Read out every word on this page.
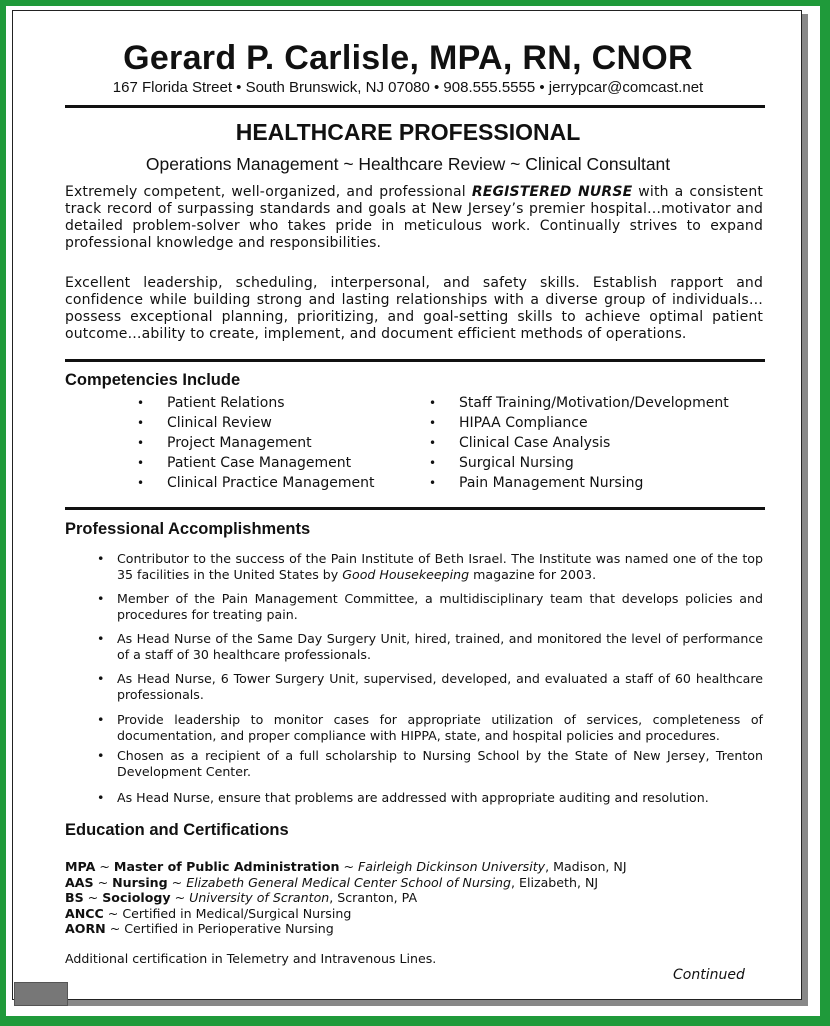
Gerard P. Carlisle, MPA, RN, CNOR
167 Florida Street • South Brunswick, NJ 07080 • 908.555.5555 • jerrypcar@comcast.net
HEALTHCARE PROFESSIONAL
Operations Management ~ Healthcare Review ~ Clinical Consultant
Extremely competent, well-organized, and professional REGISTERED NURSE with a consistent track record of surpassing standards and goals at New Jersey’s premier hospital…motivator and detailed problem-solver who takes pride in meticulous work. Continually strives to expand professional knowledge and responsibilities.
Excellent leadership, scheduling, interpersonal, and safety skills. Establish rapport and confidence while building strong and lasting relationships with a diverse group of individuals…possess exceptional planning, prioritizing, and goal-setting skills to achieve optimal patient outcome…ability to create, implement, and document efficient methods of operations.
Competencies Include
• Patient Relations
• Clinical Review
• Project Management
• Patient Case Management
• Clinical Practice Management
• Staff Training/Motivation/Development
• HIPAA Compliance
• Clinical Case Analysis
• Surgical Nursing
• Pain Management Nursing
Professional Accomplishments
• Contributor to the success of the Pain Institute of Beth Israel. The Institute was named one of the top 35 facilities in the United States by Good Housekeeping magazine for 2003.
• Member of the Pain Management Committee, a multidisciplinary team that develops policies and procedures for treating pain.
• As Head Nurse of the Same Day Surgery Unit, hired, trained, and monitored the level of performance of a staff of 30 healthcare professionals.
• As Head Nurse, 6 Tower Surgery Unit, supervised, developed, and evaluated a staff of 60 healthcare professionals.
• Provide leadership to monitor cases for appropriate utilization of services, completeness of documentation, and proper compliance with HIPPA, state, and hospital policies and procedures.
• Chosen as a recipient of a full scholarship to Nursing School by the State of New Jersey, Trenton Development Center.
• As Head Nurse, ensure that problems are addressed with appropriate auditing and resolution.
Education and Certifications
MPA ~ Master of Public Administration ~ Fairleigh Dickinson University, Madison, NJ
AAS ~ Nursing ~ Elizabeth General Medical Center School of Nursing, Elizabeth, NJ
BS ~ Sociology ~ University of Scranton, Scranton, PA
ANCC ~ Certified in Medical/Surgical Nursing
AORN ~ Certified in Perioperative Nursing
Additional certification in Telemetry and Intravenous Lines.
Continued
